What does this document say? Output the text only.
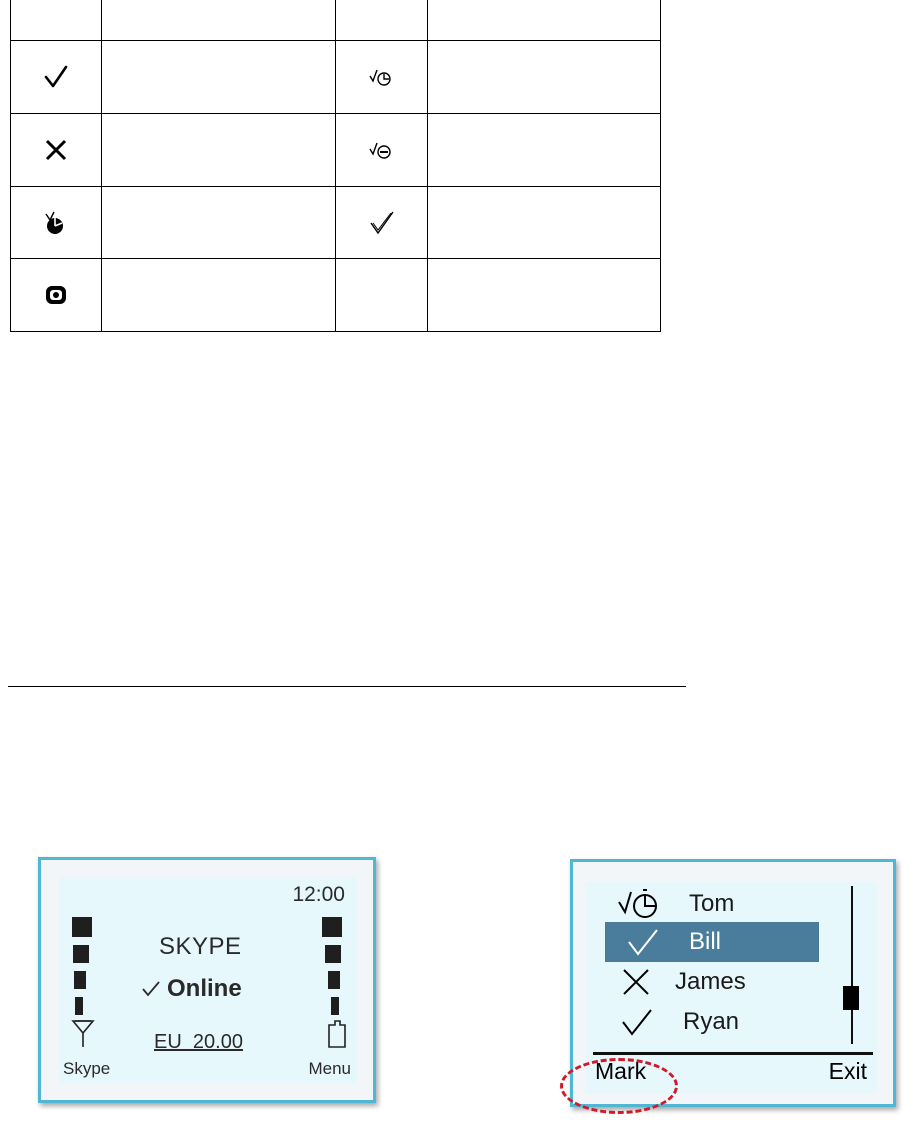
12:00
SKYPE
Online
EU  20.00
Skype	Menu
Tom
Bill
James
Ryan
Mark	Exit
